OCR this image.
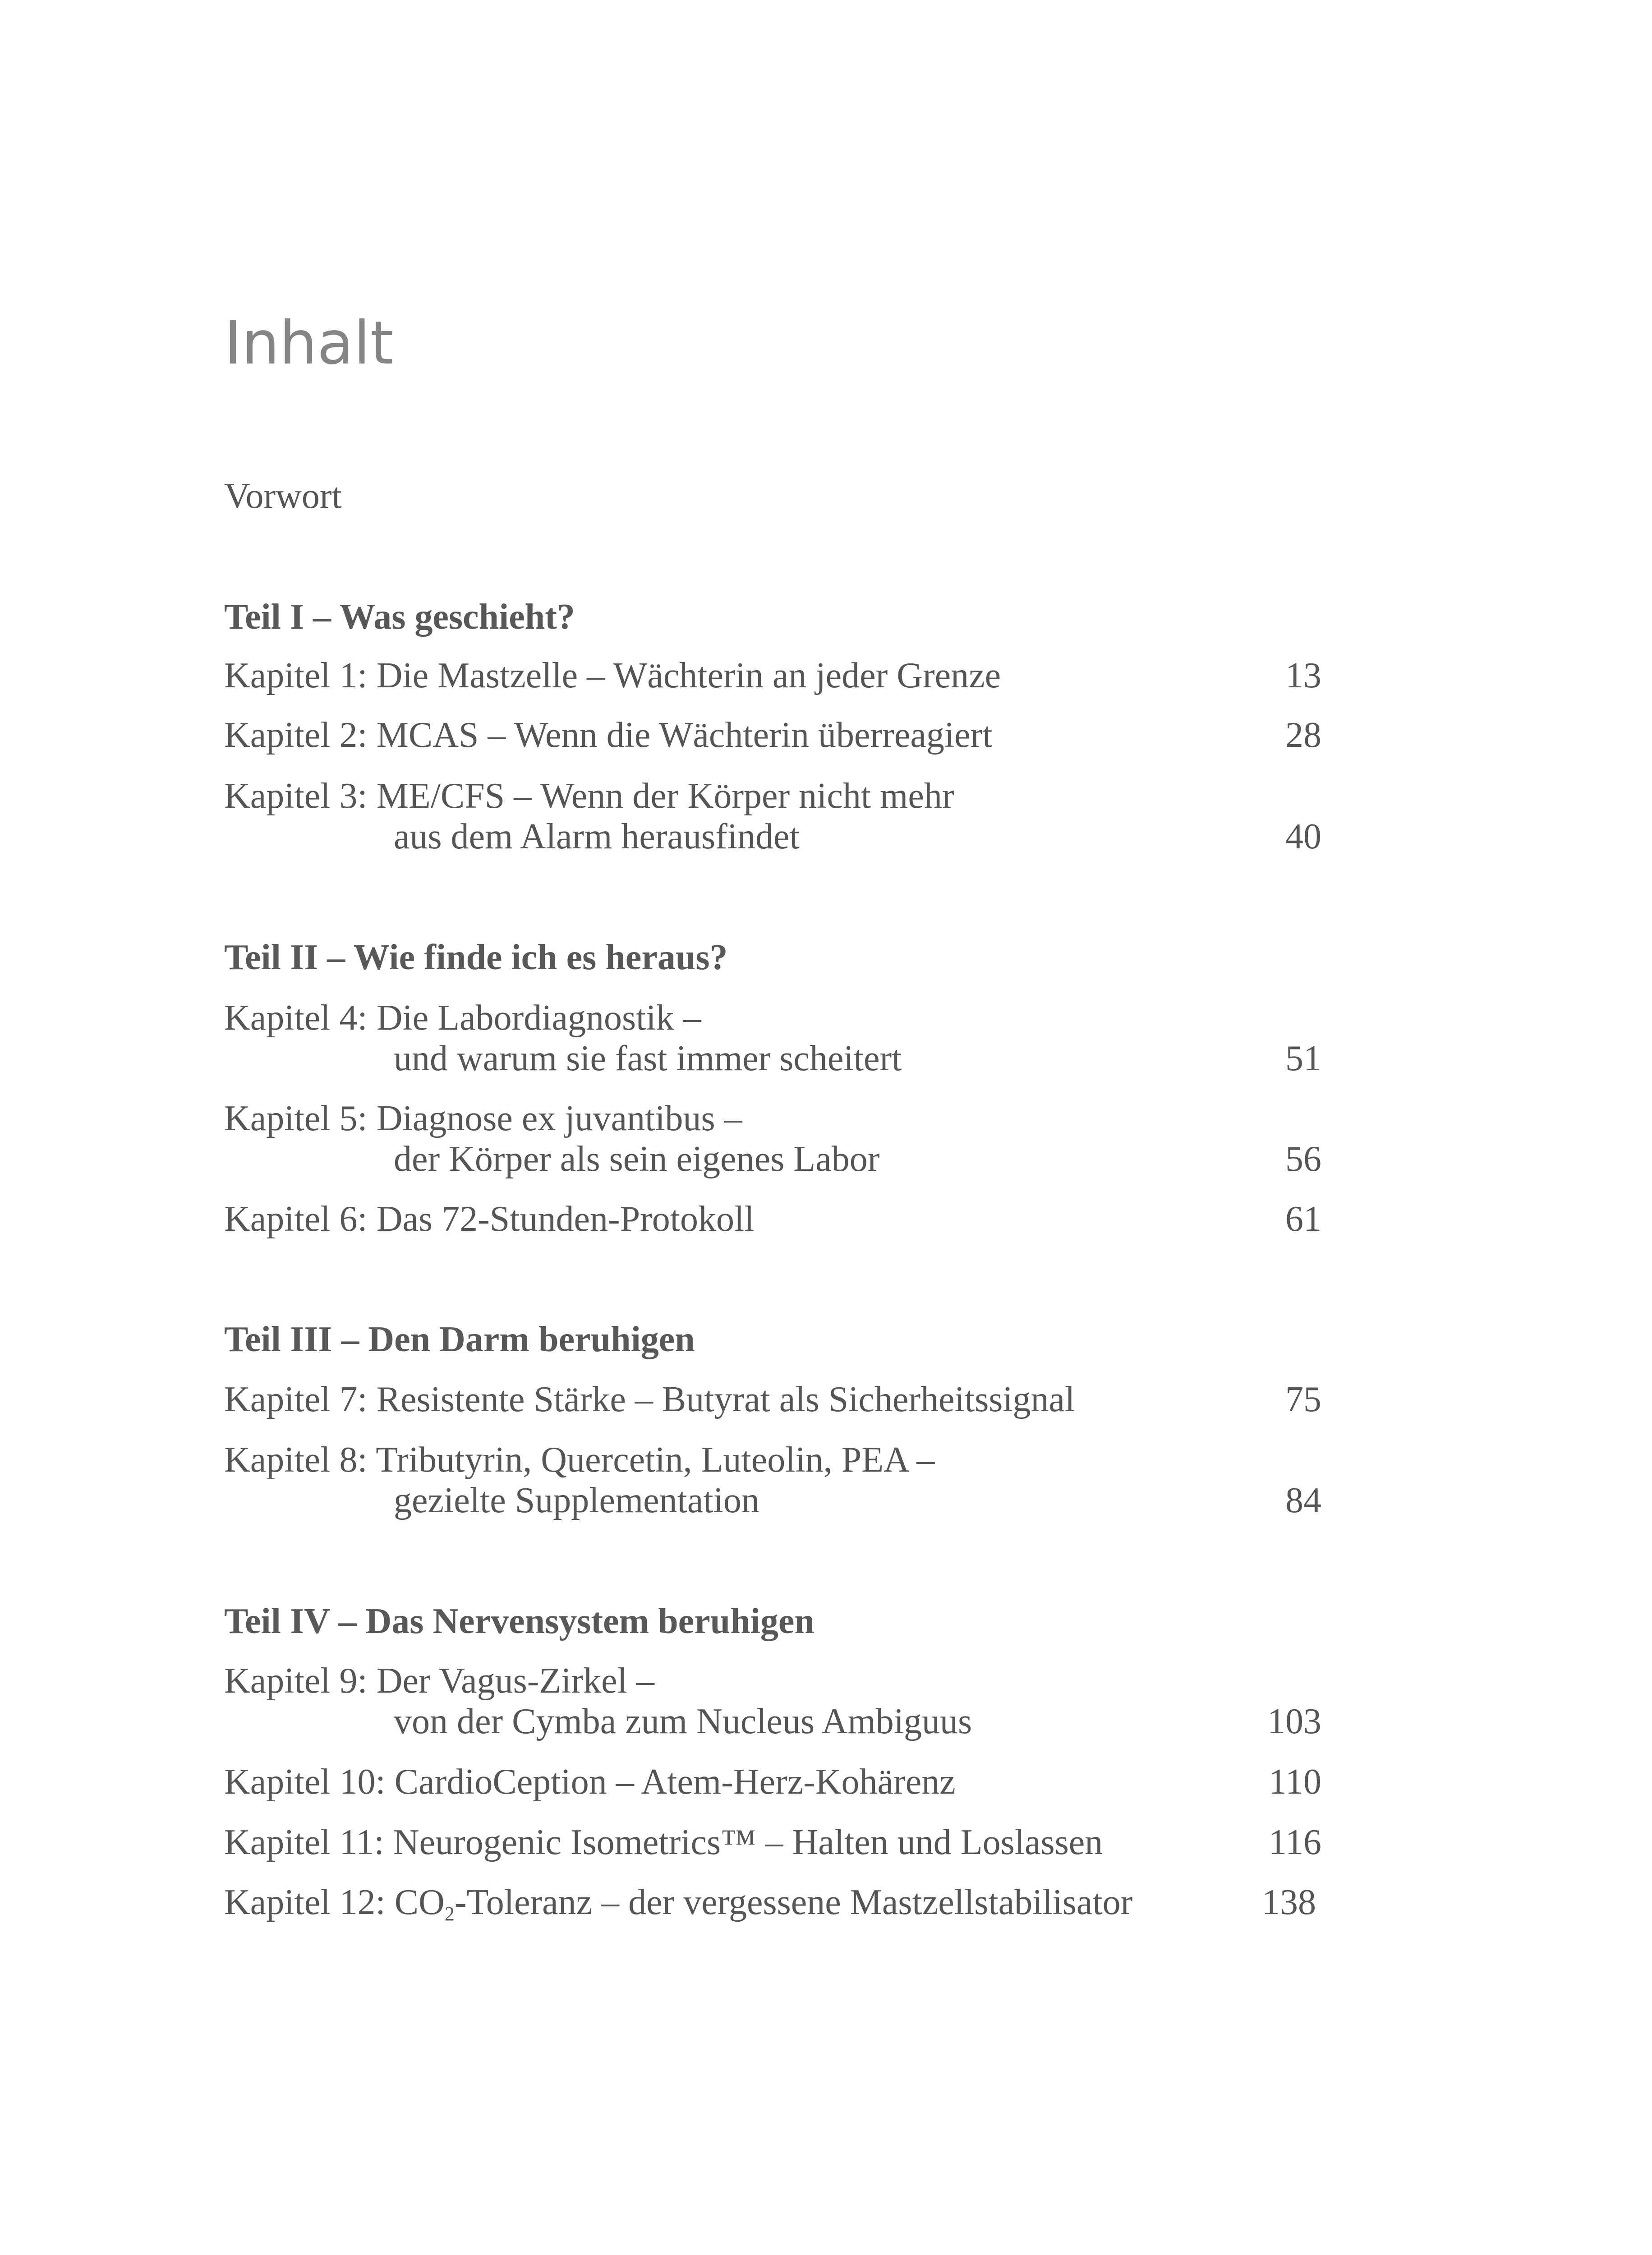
Inhalt
Vorwort
Teil I – Was geschieht?
Kapitel 1: Die Mastzelle – Wächterin an jeder Grenze	13
Kapitel 2: MCAS – Wenn die Wächterin überreagiert	28
Kapitel 3: ME/CFS – Wenn der Körper nicht mehr
aus dem Alarm herausfindet	40
Teil II – Wie finde ich es heraus?
Kapitel 4: Die Labordiagnostik –
und warum sie fast immer scheitert	51
Kapitel 5: Diagnose ex juvantibus –
der Körper als sein eigenes Labor	56
Kapitel 6: Das 72-Stunden-Protokoll	61
Teil III – Den Darm beruhigen
Kapitel 7: Resistente Stärke – Butyrat als Sicherheitssignal	75
Kapitel 8: Tributyrin, Quercetin, Luteolin, PEA –
gezielte Supplementation	84
Teil IV – Das Nervensystem beruhigen
Kapitel 9: Der Vagus-Zirkel –
von der Cymba zum Nucleus Ambiguus	103
Kapitel 10: CardioCeption – Atem-Herz-Kohärenz	110
Kapitel 11: Neurogenic Isometrics™ – Halten und Loslassen	116
Kapitel 12: $CO_2$-Toleranz – der vergessene Mastzellstabilisator	138
